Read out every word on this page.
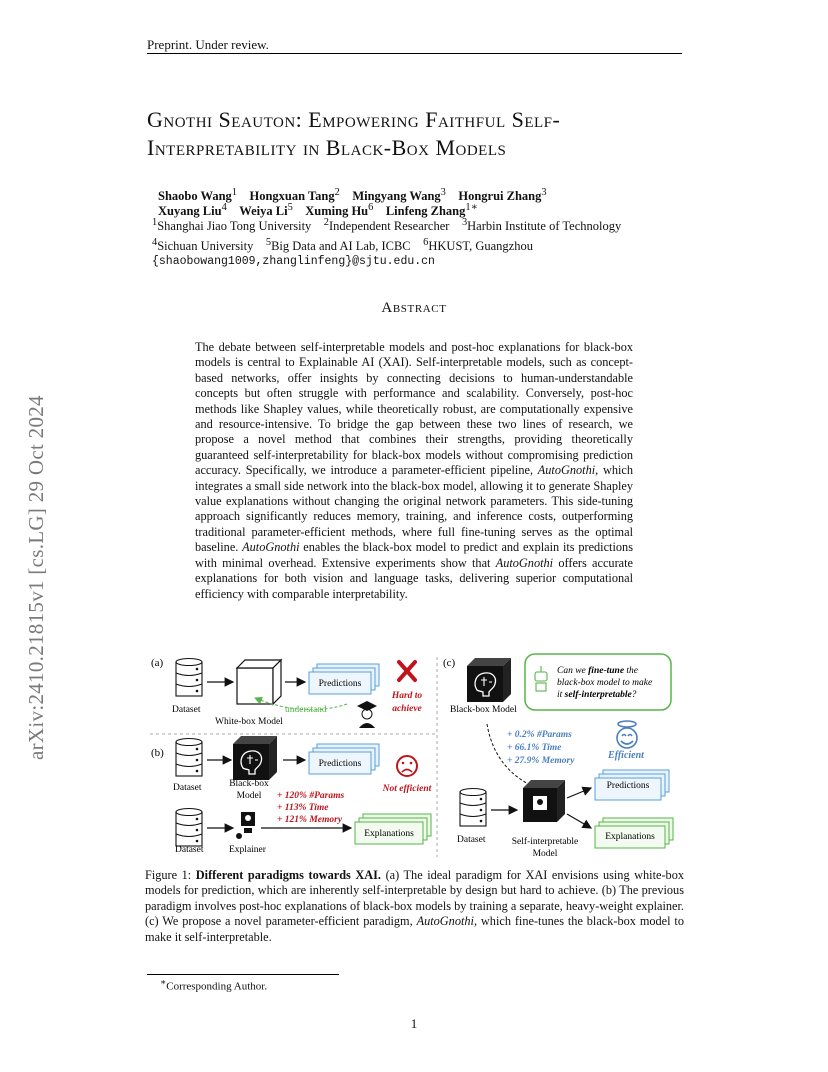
Preprint. Under review.
arXiv:2410.21815v1 [cs.LG] 29 Oct 2024
Gnothi Seauton: Empowering Faithful Self-
Interpretability in Black-Box Models
Shaobo Wang$^1$ Hongxuan Tang$^2$ Mingyang Wang$^3$ Hongrui Zhang$^3$
Xuyang Liu$^4$ Weiya Li$^5$ Xuming Hu$^6$ Linfeng Zhang$^{1∗}$
$^1$Shanghai Jiao Tong University $^2$Independent Researcher $^3$Harbin Institute of Technology
$^4$Sichuan University $^5$Big Data and AI Lab, ICBC $^6$HKUST, Guangzhou
{shaobowang1009,zhanglinfeng}@sjtu.edu.cn
Abstract
The debate between self-interpretable models and post-hoc explanations for black-box models is central to Explainable AI (XAI). Self-interpretable models, such as concept-based networks, offer insights by connecting decisions to human-understandable concepts but often struggle with performance and scalability. Conversely, post-hoc methods like Shapley values, while theoretically robust, are computationally expensive and resource-intensive. To bridge the gap between these two lines of research, we propose a novel method that combines their strengths, providing theoretically guaranteed self-interpretability for black-box models without compromising prediction accuracy. Specifically, we introduce a parameter-efficient pipeline, AutoGnothi, which integrates a small side network into the black-box model, allowing it to generate Shapley value explanations without changing the original network parameters. This side-tuning approach significantly reduces memory, training, and inference costs, outperforming traditional parameter-efficient methods, where full fine-tuning serves as the optimal baseline. AutoGnothi enables the black-box model to predict and explain its predictions with minimal overhead. Extensive experiments show that AutoGnothi offers accurate explanations for both vision and language tasks, delivering superior computational efficiency with comparable interpretability.
(a)
Dataset
White-box Model
Predictions
understand
Hard to
achieve
(b)
Dataset	Black-box
Model
Predictions
Not efficient
Dataset	Explainer
+ 120% #Params
+ 113% Time
+ 121% Memory
Explanations
(c)
Black-box Model
Can we fine-tune the
black-box model to make
it self-interpretable?
+ 0.2% #Params
+ 66.1% Time
+ 27.9% Memory	Efficient
Dataset	Self-interpretable
Model
Predictions
Explanations
Figure 1: Different paradigms towards XAI. (a) The ideal paradigm for XAI envisions using white-box models for prediction, which are inherently self-interpretable by design but hard to achieve. (b) The previous paradigm involves post-hoc explanations of black-box models by training a separate, heavy-weight explainer. (c) We propose a novel parameter-efficient paradigm, AutoGnothi, which fine-tunes the black-box model to make it self-interpretable.
∗Corresponding Author.
1
